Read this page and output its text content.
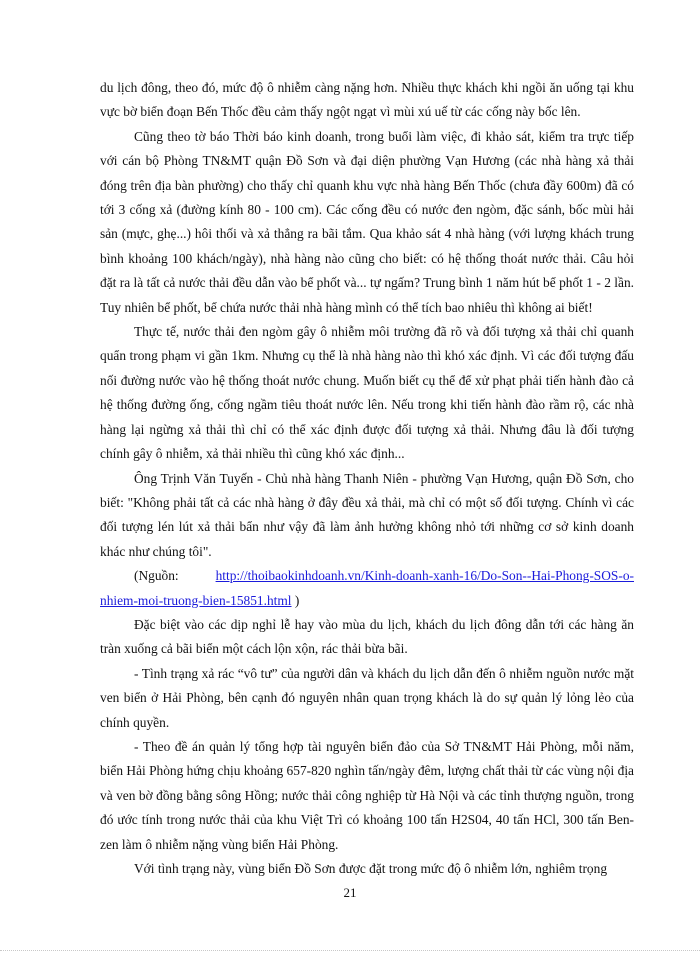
du lịch đông, theo đó, mức độ ô nhiễm càng nặng hơn. Nhiều thực khách khi ngồi ăn uống tại khu vực bờ biển đoạn Bến Thốc đều cảm thấy ngột ngạt vì mùi xú uế từ các cống này bốc lên.

Cũng theo tờ báo Thời báo kinh doanh, trong buổi làm việc, đi khảo sát, kiểm tra trực tiếp với cán bộ Phòng TN&MT quận Đồ Sơn và đại diện phường Vạn Hương (các nhà hàng xả thải đóng trên địa bàn phường) cho thấy chỉ quanh khu vực nhà hàng Bến Thốc (chưa đầy 600m) đã có tới 3 cống xả (đường kính 80 - 100 cm). Các cống đều có nước đen ngòm, đặc sánh, bốc mùi hải sản (mực, ghẹ...) hôi thối và xả thẳng ra bãi tắm. Qua khảo sát 4 nhà hàng (với lượng khách trung bình khoảng 100 khách/ngày), nhà hàng nào cũng cho biết: có hệ thống thoát nước thải. Câu hỏi đặt ra là tất cả nước thải đều dẫn vào bể phốt và... tự ngấm? Trung bình 1 năm hút bể phốt 1 - 2 lần. Tuy nhiên bể phốt, bể chứa nước thải nhà hàng mình có thể tích bao nhiêu thì không ai biết!

Thực tế, nước thải đen ngòm gây ô nhiễm môi trường đã rõ và đối tượng xả thải chỉ quanh quẩn trong phạm vi gần 1km. Nhưng cụ thể là nhà hàng nào thì khó xác định. Vì các đối tượng đấu nối đường nước vào hệ thống thoát nước chung. Muốn biết cụ thể để xử phạt phải tiến hành đào cả hệ thống đường ống, cống ngầm tiêu thoát nước lên. Nếu trong khi tiến hành đào rầm rộ, các nhà hàng lại ngừng xả thải thì chỉ có thể xác định được đối tượng xả thải. Nhưng đâu là đối tượng chính gây ô nhiễm, xả thải nhiều thì cũng khó xác định...

Ông Trịnh Văn Tuyến - Chủ nhà hàng Thanh Niên - phường Vạn Hương, quận Đồ Sơn, cho biết: "Không phải tất cả các nhà hàng ở đây đều xả thải, mà chỉ có một số đối tượng. Chính vì các đối tượng lén lút xả thải bẩn như vậy đã làm ảnh hưởng không nhỏ tới những cơ sở kinh doanh khác như chúng tôi".

(Nguồn: http://thoibaokinhdoanh.vn/Kinh-doanh-xanh-16/Do-Son--Hai-Phong-SOS-o-nhiem-moi-truong-bien-15851.html )

Đặc biệt vào các dịp nghỉ lễ hay vào mùa du lịch, khách du lịch đông dẫn tới các hàng ăn tràn xuống cả bãi biển một cách lộn xộn, rác thải bừa bãi.

- Tình trạng xả rác “vô tư” của người dân và khách du lịch dẫn đến ô nhiễm nguồn nước mặt ven biển ở Hải Phòng, bên cạnh đó nguyên nhân quan trọng khách là do sự quản lý lỏng lẻo của chính quyền.

- Theo đề án quản lý tổng hợp tài nguyên biển đảo của Sở TN&MT Hải Phòng, mỗi năm, biển Hải Phòng hứng chịu khoảng 657-820 nghìn tấn/ngày đêm, lượng chất thải từ các vùng nội địa và ven bờ đồng bằng sông Hồng; nước thải công nghiệp từ Hà Nội và các tỉnh thượng nguồn, trong đó ước tính trong nước thải của khu Việt Trì có khoảng 100 tấn H2S04, 40 tấn HCl, 300 tấn Ben-zen làm ô nhiễm nặng vùng biển Hải Phòng.

Với tình trạng này, vùng biển Đồ Sơn được đặt trong mức độ ô nhiễm lớn, nghiêm trọng

21
